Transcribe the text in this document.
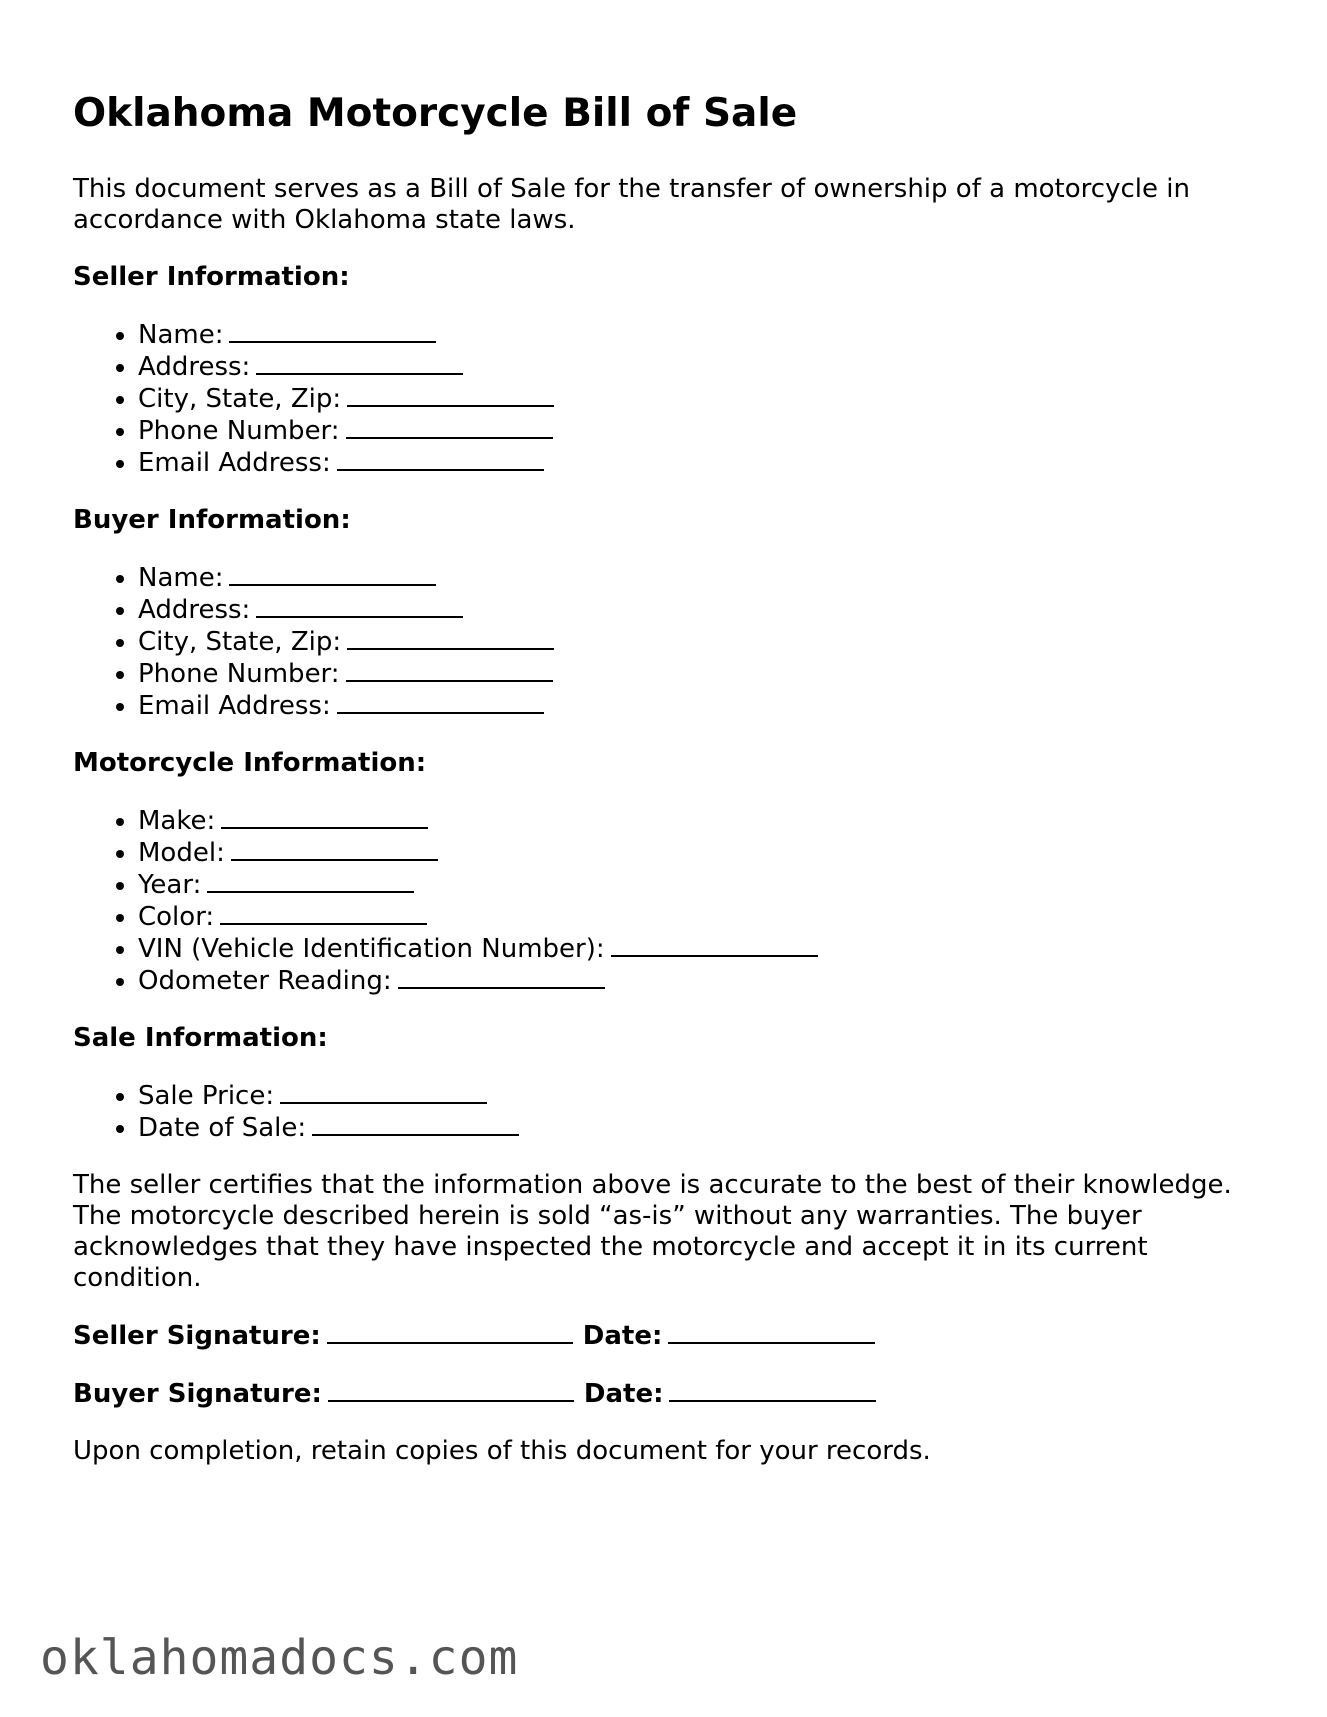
Oklahoma Motorcycle Bill of Sale

This document serves as a Bill of Sale for the transfer of ownership of a motorcycle in accordance with Oklahoma state laws.

Seller Information:
• Name:
• Address:
• City, State, Zip:
• Phone Number:
• Email Address:
Buyer Information:
• Name:
• Address:
• City, State, Zip:
• Phone Number:
• Email Address:
Motorcycle Information:
• Make:
• Model:
• Year:
• Color:
• VIN (Vehicle Identification Number):
• Odometer Reading:
Sale Information:
• Sale Price:
• Date of Sale:

The seller certifies that the information above is accurate to the best of their knowledge. The motorcycle described herein is sold “as-is” without any warranties. The buyer acknowledges that they have inspected the motorcycle and accept it in its current condition.

Seller Signature:	Date:
Buyer Signature:	Date:

Upon completion, retain copies of this document for your records.

oklahomadocs.com
